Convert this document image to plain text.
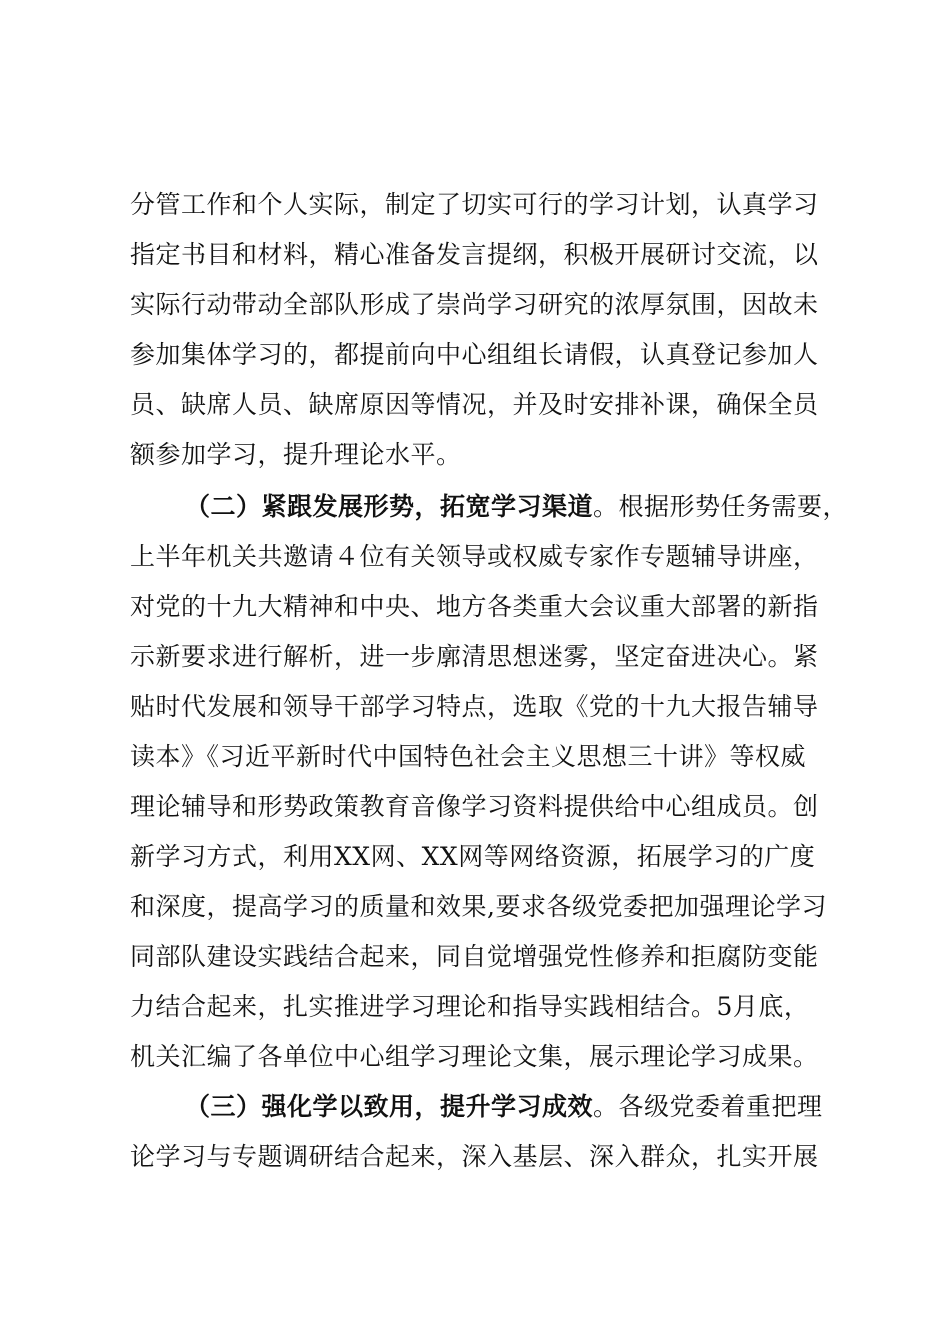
分管工作和个人实际，制定了切实可行的学习计划，认真学习
指定书目和材料，精心准备发言提纲，积极开展研讨交流，以
实际行动带动全部队形成了崇尚学习研究的浓厚氛围，因故未
参加集体学习的，都提前向中心组组长请假，认真登记参加人
员、缺席人员、缺席原因等情况，并及时安排补课，确保全员
额参加学习，提升理论水平。
（二）紧跟发展形势，拓宽学习渠道。根据形势任务需要，
上半年机关共邀请４位有关领导或权威专家作专题辅导讲座，
对党的十九大精神和中央、地方各类重大会议重大部署的新指
示新要求进行解析，进一步廓清思想迷雾，坚定奋进决心。紧
贴时代发展和领导干部学习特点，选取《党的十九大报告辅导
读本》《习近平新时代中国特色社会主义思想三十讲》等权威
理论辅导和形势政策教育音像学习资料提供给中心组成员。创
新学习方式，利用XX网、XX网等网络资源，拓展学习的广度
和深度，提高学习的质量和效果,要求各级党委把加强理论学习
同部队建设实践结合起来，同自觉增强党性修养和拒腐防变能
力结合起来，扎实推进学习理论和指导实践相结合。5月底，
机关汇编了各单位中心组学习理论文集，展示理论学习成果。
（三）强化学以致用，提升学习成效。各级党委着重把理
论学习与专题调研结合起来，深入基层、深入群众，扎实开展
